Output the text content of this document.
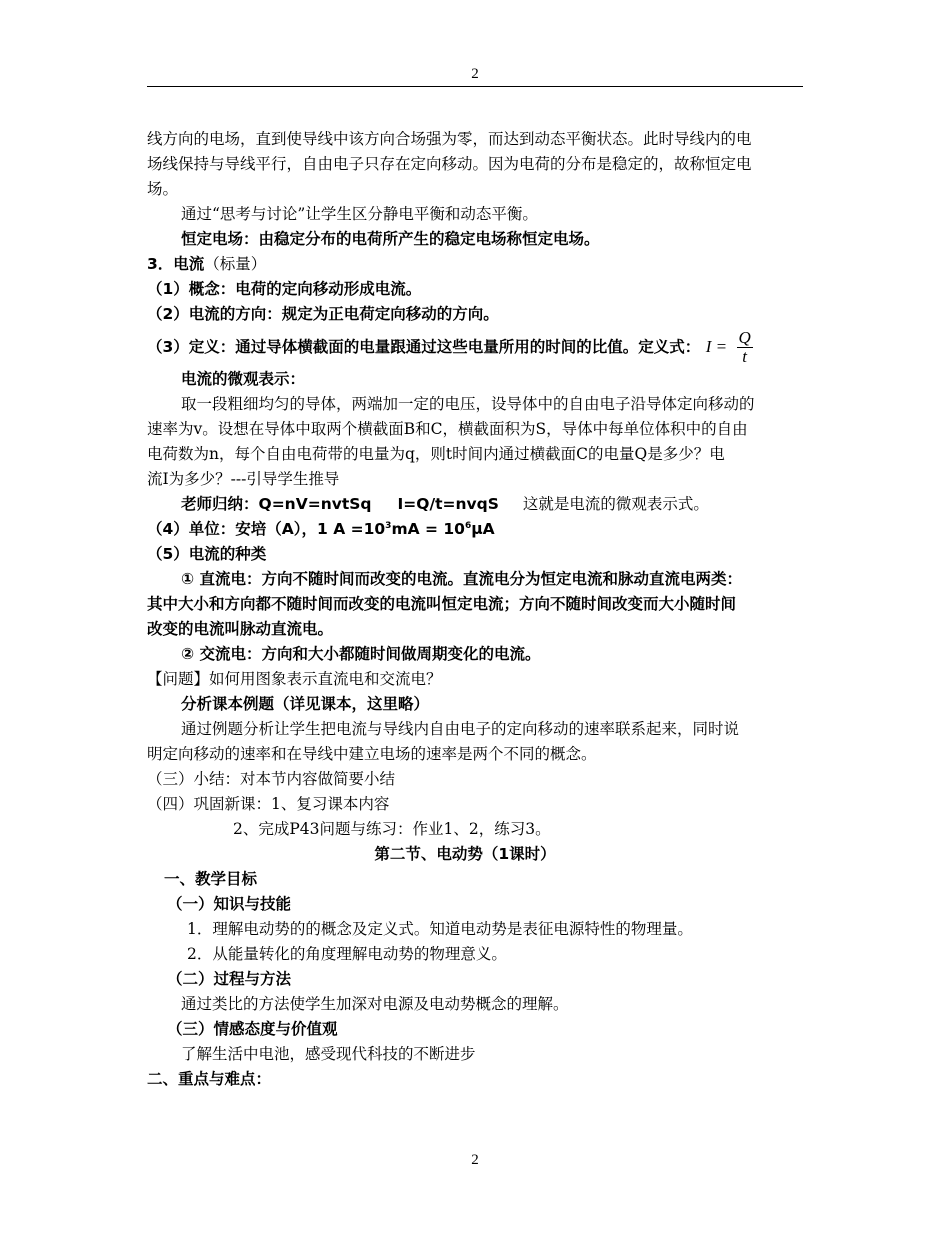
2
线方向的电场，直到使导线中该方向合场强为零，而达到动态平衡状态。此时导线内的电
场线保持与导线平行，自由电子只存在定向移动。因为电荷的分布是稳定的，故称恒定电
场。
通过“思考与讨论”让学生区分静电平衡和动态平衡。
恒定电场：由稳定分布的电荷所产生的稳定电场称恒定电场。
3．电流（标量）
（1）概念：电荷的定向移动形成电流。
（2）电流的方向：规定为正电荷定向移动的方向。
（3）定义：通过导体横截面的电量跟通过这些电量所用的时间的比值。定义式： $I = \frac{Q}{t}$
电流的微观表示：
取一段粗细均匀的导体，两端加一定的电压，设导体中的自由电子沿导体定向移动的
速率为v。设想在导体中取两个横截面B和C，横截面积为S，导体中每单位体积中的自由
电荷数为n，每个自由电荷带的电量为q，则t时间内通过横截面C的电量Q是多少？电
流I为多少？---引导学生推导
老师归纳：Q=nV=nvtSq I=Q/t=nvqS 这就是电流的微观表示式。
（4）单位：安培（A），1 $A =10^3mA = 10^6\mu A$
（5）电流的种类
① 直流电：方向不随时间而改变的电流。直流电分为恒定电流和脉动直流电两类：
其中大小和方向都不随时间而改变的电流叫恒定电流；方向不随时间改变而大小随时间
改变的电流叫脉动直流电。
② 交流电：方向和大小都随时间做周期变化的电流。
【问题】如何用图象表示直流电和交流电？
分析课本例题（详见课本，这里略）
通过例题分析让学生把电流与导线内自由电子的定向移动的速率联系起来，同时说
明定向移动的速率和在导线中建立电场的速率是两个不同的概念。
（三）小结：对本节内容做简要小结
（四）巩固新课：1、复习课本内容
2、完成P43问题与练习：作业1、2，练习3。
第二节、电动势（1课时）
一、教学目标
（一）知识与技能
1．理解电动势的的概念及定义式。知道电动势是表征电源特性的物理量。
2．从能量转化的角度理解电动势的物理意义。
（二）过程与方法
通过类比的方法使学生加深对电源及电动势概念的理解。
（三）情感态度与价值观
了解生活中电池，感受现代科技的不断进步
二、重点与难点：
2
